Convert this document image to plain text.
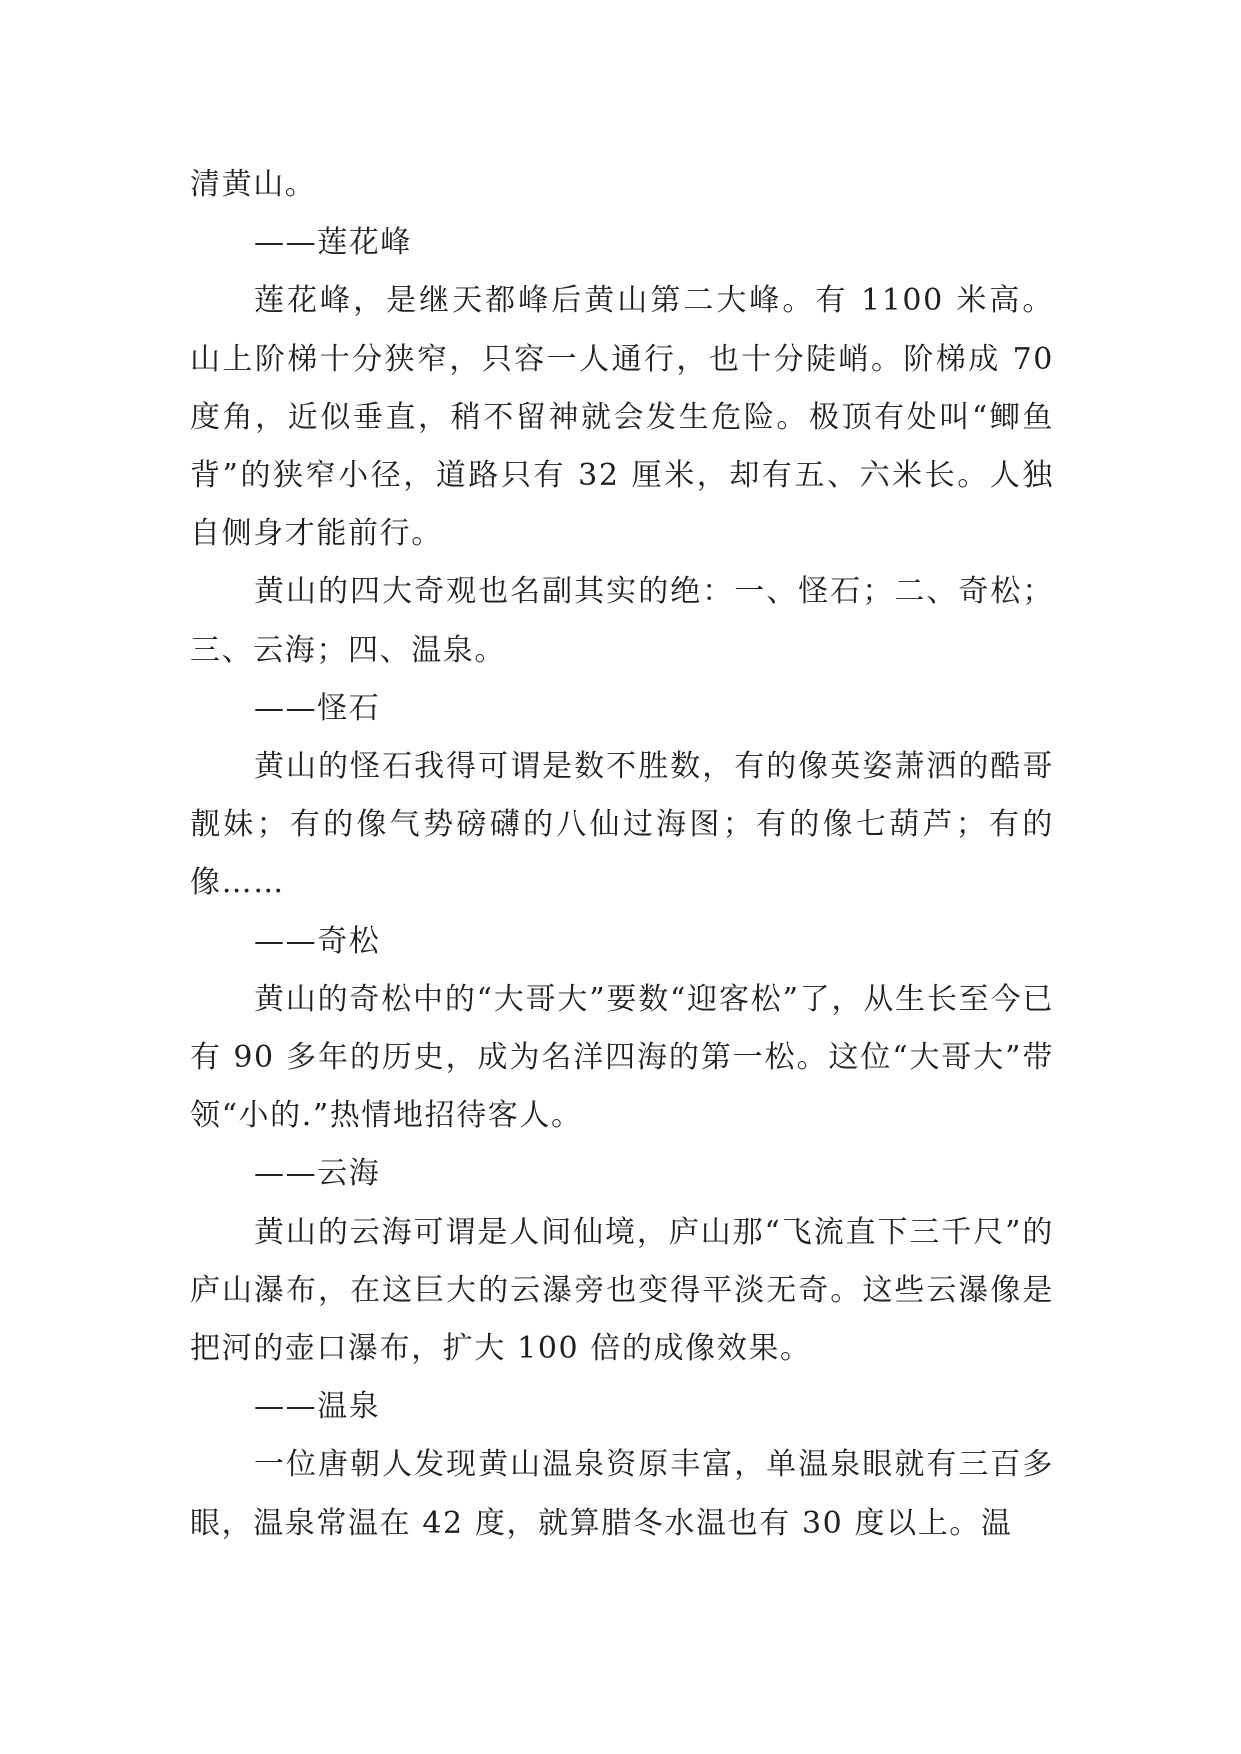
清黄山。

——莲花峰

莲花峰，是继天都峰后黄山第二大峰。有 1100 米高。山上阶梯十分狭窄，只容一人通行，也十分陡峭。阶梯成 70 度角，近似垂直，稍不留神就会发生危险。极顶有处叫“鲫鱼背”的狭窄小径，道路只有 32 厘米，却有五、六米长。人独自侧身才能前行。

黄山的四大奇观也名副其实的绝：一、怪石；二、奇松；三、云海；四、温泉。

——怪石

黄山的怪石我得可谓是数不胜数，有的像英姿萧洒的酷哥靓妹；有的像气势磅礴的八仙过海图；有的像七葫芦；有的像……

——奇松

黄山的奇松中的“大哥大”要数“迎客松”了，从生长至今已有 90 多年的历史，成为名洋四海的第一松。这位“大哥大”带领“小的.”热情地招待客人。

——云海

黄山的云海可谓是人间仙境，庐山那“飞流直下三千尺”的庐山瀑布，在这巨大的云瀑旁也变得平淡无奇。这些云瀑像是把河的壶口瀑布，扩大 100 倍的成像效果。

——温泉

一位唐朝人发现黄山温泉资原丰富，单温泉眼就有三百多眼，温泉常温在 42 度，就算腊冬水温也有 30 度以上。温
